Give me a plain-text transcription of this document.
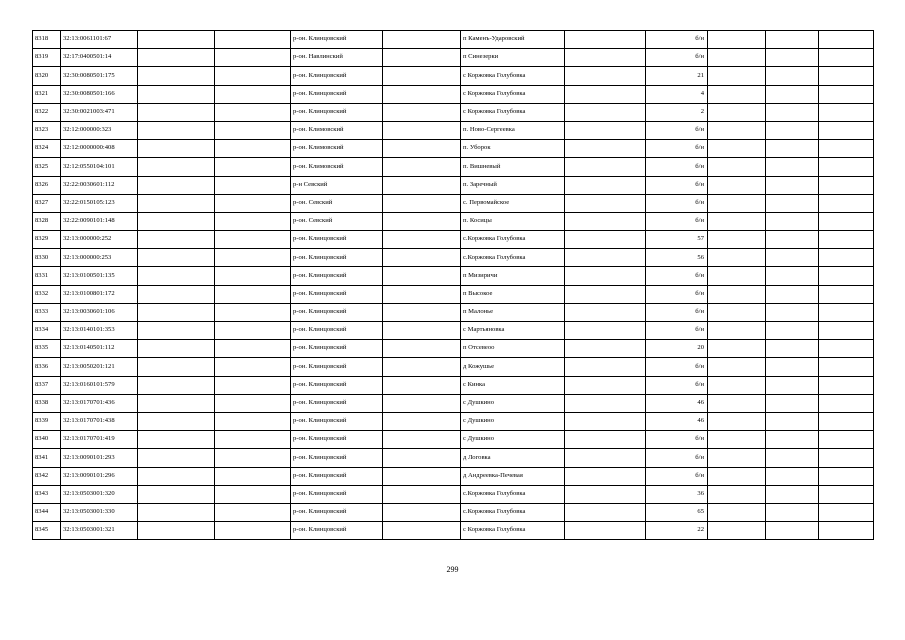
8318	32:13:0061101:67			р-он. Клинцовский		п Каменъ-Ударовский		б/н			
8319	32:17:0400501:14			р-он. Навлинский		п Синезерки		б/н			
8320	32:30:0080501:175			р-он. Клинцовский		с Коржовка Голубовка		21			
8321	32:30:0080501:166			р-он. Клинцовский		с Коржовка Голубовка		4			
8322	32:30:0021003:471			р-он. Клинцовский		с Коржовка Голубовка		2			
8323	32:12:000000:323			р-он. Климовский		п. Ново-Сергеевка		б/н			
8324	32:12:0000000:408			р-он. Климовский		п. Уборок		б/н			
8325	32:12:0550104:101			р-он. Климовский		п. Вишневый		б/н			
8326	32:22:0030601:112			р-н Севский		п. Заречный		б/н			
8327	32:22:0150105:123			р-он. Севский		с. Первомайское		б/н			
8328	32:22:0090101:148			р-он. Севский		п. Косицы		б/н			
8329	32:13:000000:252			р-он. Клинцовский		с.Коржовка Голубовка		57			
8330	32:13:000000:253			р-он. Клинцовский		с.Коржовка Голубовка		56			
8331	32:13:0100501:135			р-он. Клинцовский		п Мизиричи		б/н			
8332	32:13:0100801:172			р-он. Клинцовский		п Высокое		б/н			
8333	32:13:0030601:106			р-он. Клинцовский		п Малонье		б/н			
8334	32:13:0140101:353			р-он. Клинцовский		с Мартьяновка		б/н			
8335	32:13:0140501:112			р-он. Клинцовский		п Отсевеоо		20			
8336	32:13:0050201:121			р-он. Клинцовский		д Кожушье		б/н			
8337	32:13:0160101:579			р-он. Клинцовский		с Кинка		б/н			
8338	32:13:0170701:436			р-он. Клинцовский		с Душкино		46			
8339	32:13:0170701:438			р-он. Клинцовский		с Душкино		46			
8340	32:13:0170701:419			р-он. Клинцовский		с Душкино		б/н			
8341	32:13:0090101:293			р-он. Клинцовский		д Логовка		б/н			
8342	32:13:0090101:296			р-он. Клинцовский		д Андреевка-Печевая		б/н			
8343	32:13:0503001:320			р-он. Клинцовский		с.Коржовка Голубовка		36			
8344	32:13:0503001:330			р-он. Клинцовский		с.Коржовка Голубовка		65			
8345	32:13:0503001:321			р-он. Клинцовский		с Коржовка Голубовка		22			
299
